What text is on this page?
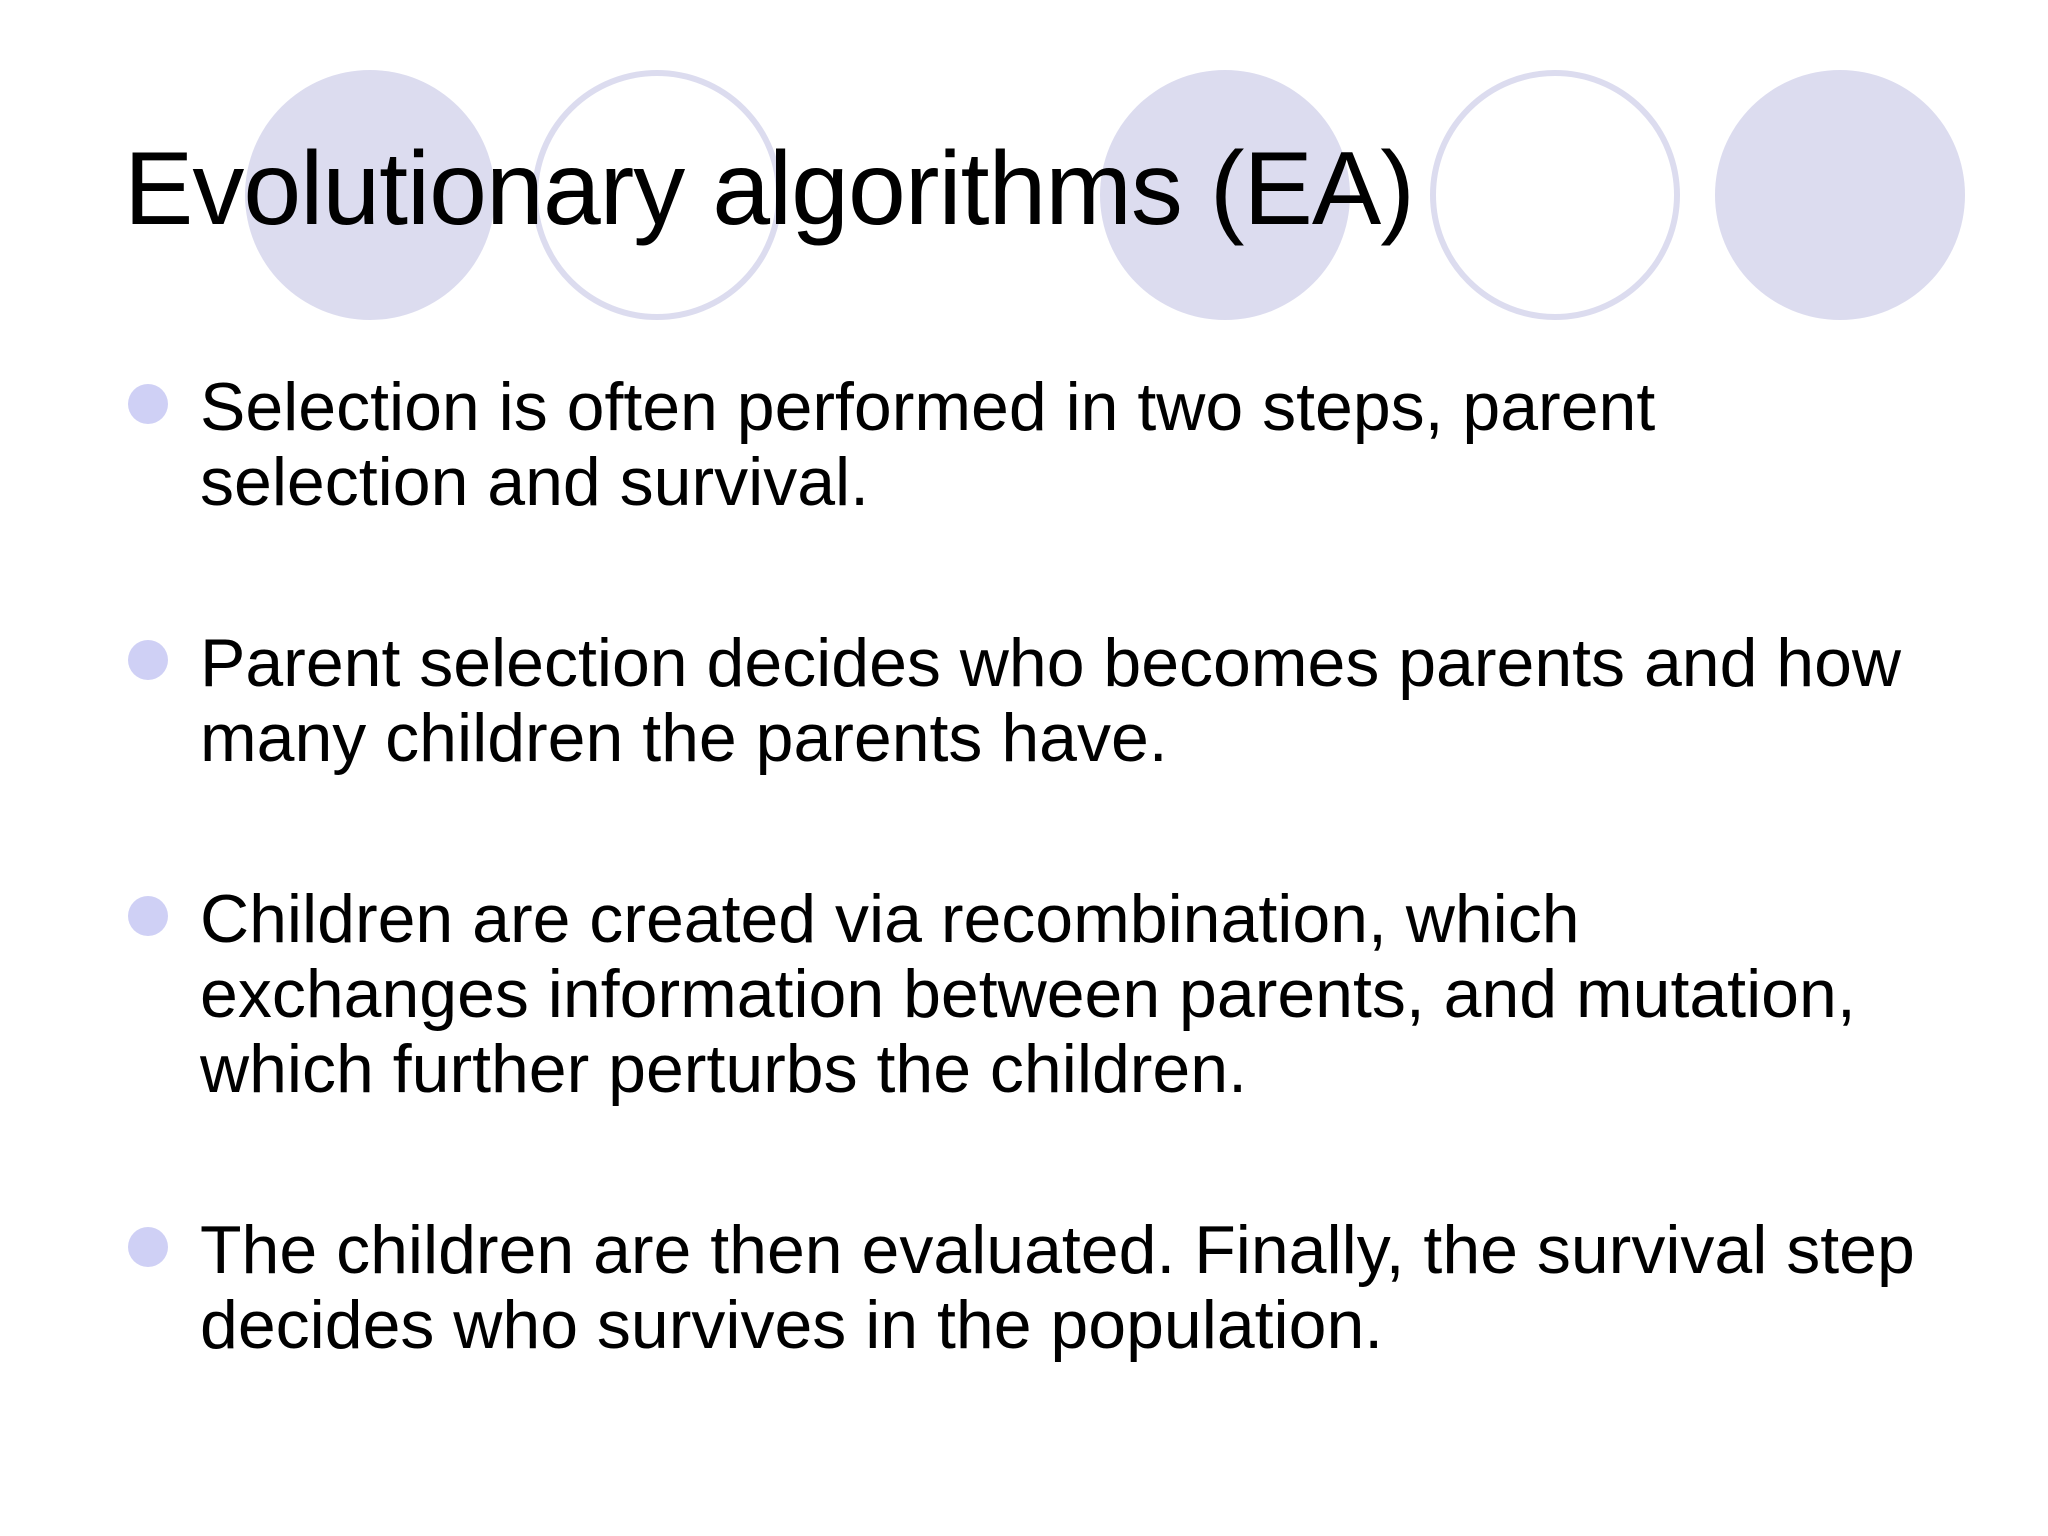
Evolutionary algorithms (EA)
Selection is often performed in two steps, parent
selection and survival.
Parent selection decides who becomes parents and how
many children the parents have.
Children are created via recombination, which
exchanges information between parents, and mutation,
which further perturbs the children.
The children are then evaluated. Finally, the survival step
decides who survives in the population.
